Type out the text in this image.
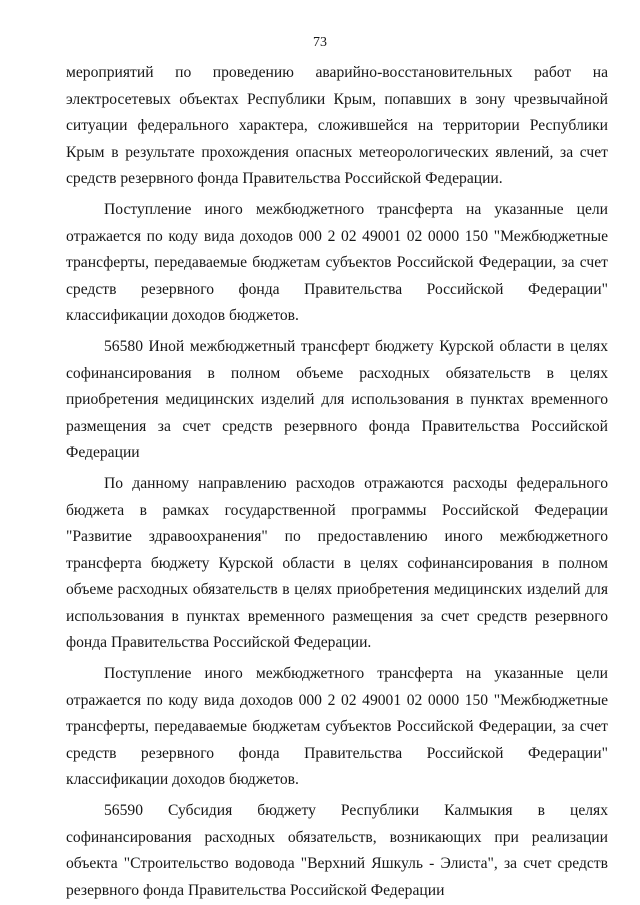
73

мероприятий по проведению аварийно-восстановительных работ на электросетевых объектах Республики Крым, попавших в зону чрезвычайной ситуации федерального характера, сложившейся на территории Республики Крым в результате прохождения опасных метеорологических явлений, за счет средств резервного фонда Правительства Российской Федерации.

Поступление иного межбюджетного трансферта на указанные цели отражается по коду вида доходов 000 2 02 49001 02 0000 150 "Межбюджетные трансферты, передаваемые бюджетам субъектов Российской Федерации, за счет средств резервного фонда Правительства Российской Федерации" классификации доходов бюджетов.

56580 Иной межбюджетный трансферт бюджету Курской области в целях софинансирования в полном объеме расходных обязательств в целях приобретения медицинских изделий для использования в пунктах временного размещения за счет средств резервного фонда Правительства Российской Федерации

По данному направлению расходов отражаются расходы федерального бюджета в рамках государственной программы Российской Федерации "Развитие здравоохранения" по предоставлению иного межбюджетного трансферта бюджету Курской области в целях софинансирования в полном объеме расходных обязательств в целях приобретения медицинских изделий для использования в пунктах временного размещения за счет средств резервного фонда Правительства Российской Федерации.

Поступление иного межбюджетного трансферта на указанные цели отражается по коду вида доходов 000 2 02 49001 02 0000 150 "Межбюджетные трансферты, передаваемые бюджетам субъектов Российской Федерации, за счет средств резервного фонда Правительства Российской Федерации" классификации доходов бюджетов.

56590 Субсидия бюджету Республики Калмыкия в целях софинансирования расходных обязательств, возникающих при реализации объекта "Строительство водовода "Верхний Яшкуль - Элиста", за счет средств резервного фонда Правительства Российской Федерации
